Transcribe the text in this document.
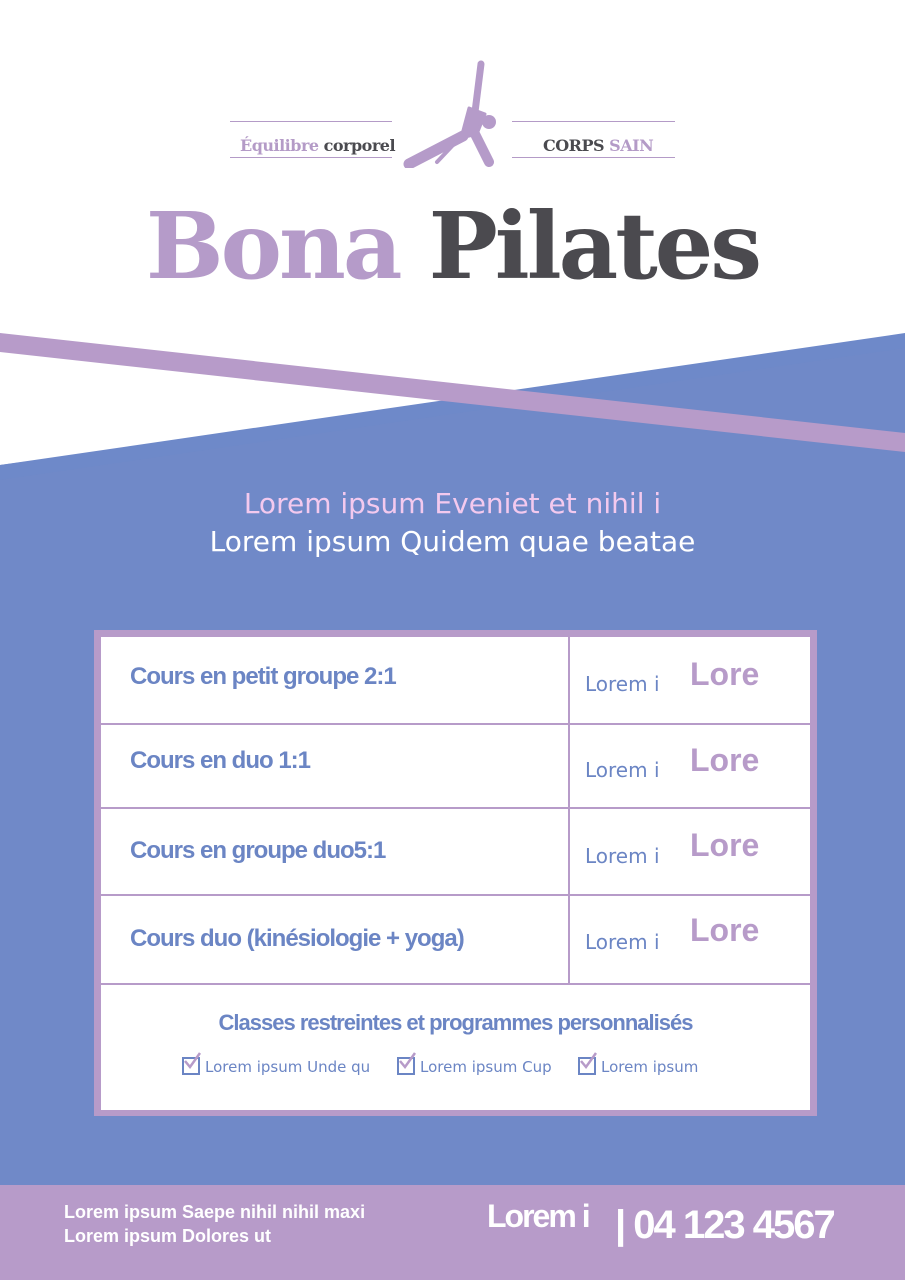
Équilibre corporel	CORPS SAIN
Bona Pilates
Lorem ipsum Eveniet et nihil i
Lorem ipsum Quidem quae beatae
Cours en petit groupe 2:1	Lorem i Lore
Cours en duo 1:1	Lorem i Lore
Cours en groupe duo5:1	Lorem i Lore
Cours duo (kinésiologie + yoga)	Lorem i Lore
Classes restreintes et programmes personnalisés
Lorem ipsum Unde qu	Lorem ipsum Cup	Lorem ipsum
Lorem ipsum Saepe nihil nihil maxi
Lorem ipsum Dolores ut
Lorem i | 04 123 4567
